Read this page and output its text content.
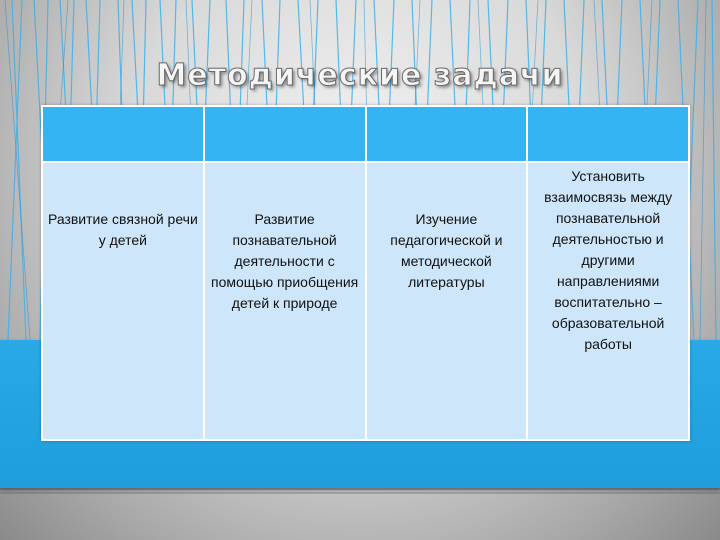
Методические задачи

Развитие связной речи у детей	Развитие познавательной деятельности с помощью приобщения детей к природе	Изучение педагогической и методической литературы	Установить взаимосвязь между познавательной деятельностью и другими направлениями воспитательно – образовательной работы
